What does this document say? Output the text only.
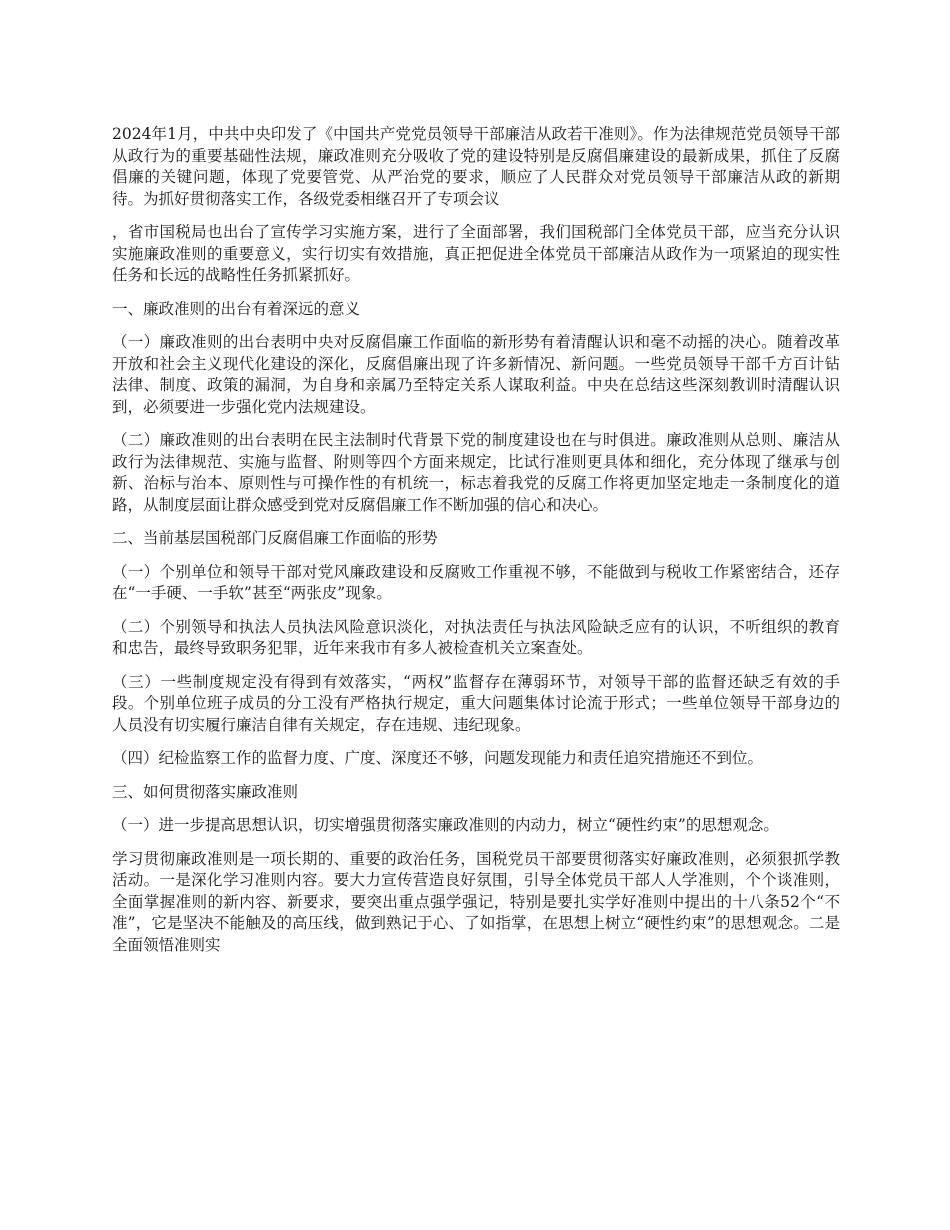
2024年1月，中共中央印发了《中国共产党党员领导干部廉洁从政若干准则》。作为法律规范党员领导干部从政行为的重要基础性法规，廉政准则充分吸收了党的建设特别是反腐倡廉建设的最新成果，抓住了反腐倡廉的关键问题，体现了党要管党、从严治党的要求，顺应了人民群众对党员领导干部廉洁从政的新期待。为抓好贯彻落实工作，各级党委相继召开了专项会议

，省市国税局也出台了宣传学习实施方案，进行了全面部署，我们国税部门全体党员干部，应当充分认识实施廉政准则的重要意义，实行切实有效措施，真正把促进全体党员干部廉洁从政作为一项紧迫的现实性任务和长远的战略性任务抓紧抓好。

一、廉政准则的出台有着深远的意义

（一）廉政准则的出台表明中央对反腐倡廉工作面临的新形势有着清醒认识和毫不动摇的决心。随着改革开放和社会主义现代化建设的深化，反腐倡廉出现了许多新情况、新问题。一些党员领导干部千方百计钻法律、制度、政策的漏洞，为自身和亲属乃至特定关系人谋取利益。中央在总结这些深刻教训时清醒认识到，必须要进一步强化党内法规建设。

（二）廉政准则的出台表明在民主法制时代背景下党的制度建设也在与时俱进。廉政准则从总则、廉洁从政行为法律规范、实施与监督、附则等四个方面来规定，比试行准则更具体和细化，充分体现了继承与创新、治标与治本、原则性与可操作性的有机统一，标志着我党的反腐工作将更加坚定地走一条制度化的道路，从制度层面让群众感受到党对反腐倡廉工作不断加强的信心和决心。

二、当前基层国税部门反腐倡廉工作面临的形势

（一）个别单位和领导干部对党风廉政建设和反腐败工作重视不够，不能做到与税收工作紧密结合，还存在“一手硬、一手软”甚至“两张皮”现象。

（二）个别领导和执法人员执法风险意识淡化，对执法责任与执法风险缺乏应有的认识，不听组织的教育和忠告，最终导致职务犯罪，近年来我市有多人被检查机关立案查处。

（三）一些制度规定没有得到有效落实，“两权”监督存在薄弱环节，对领导干部的监督还缺乏有效的手段。个别单位班子成员的分工没有严格执行规定，重大问题集体讨论流于形式；一些单位领导干部身边的人员没有切实履行廉洁自律有关规定，存在违规、违纪现象。

（四）纪检监察工作的监督力度、广度、深度还不够，问题发现能力和责任追究措施还不到位。

三、如何贯彻落实廉政准则

（一）进一步提高思想认识，切实增强贯彻落实廉政准则的内动力，树立“硬性约束”的思想观念。

学习贯彻廉政准则是一项长期的、重要的政治任务，国税党员干部要贯彻落实好廉政准则，必须狠抓学教活动。一是深化学习准则内容。要大力宣传营造良好氛围，引导全体党员干部人人学准则，个个谈准则，全面掌握准则的新内容、新要求，要突出重点强学强记，特别是要扎实学好准则中提出的十八条52个“不准”，它是坚决不能触及的高压线，做到熟记于心、了如指掌，在思想上树立“硬性约束”的思想观念。二是全面领悟准则实
